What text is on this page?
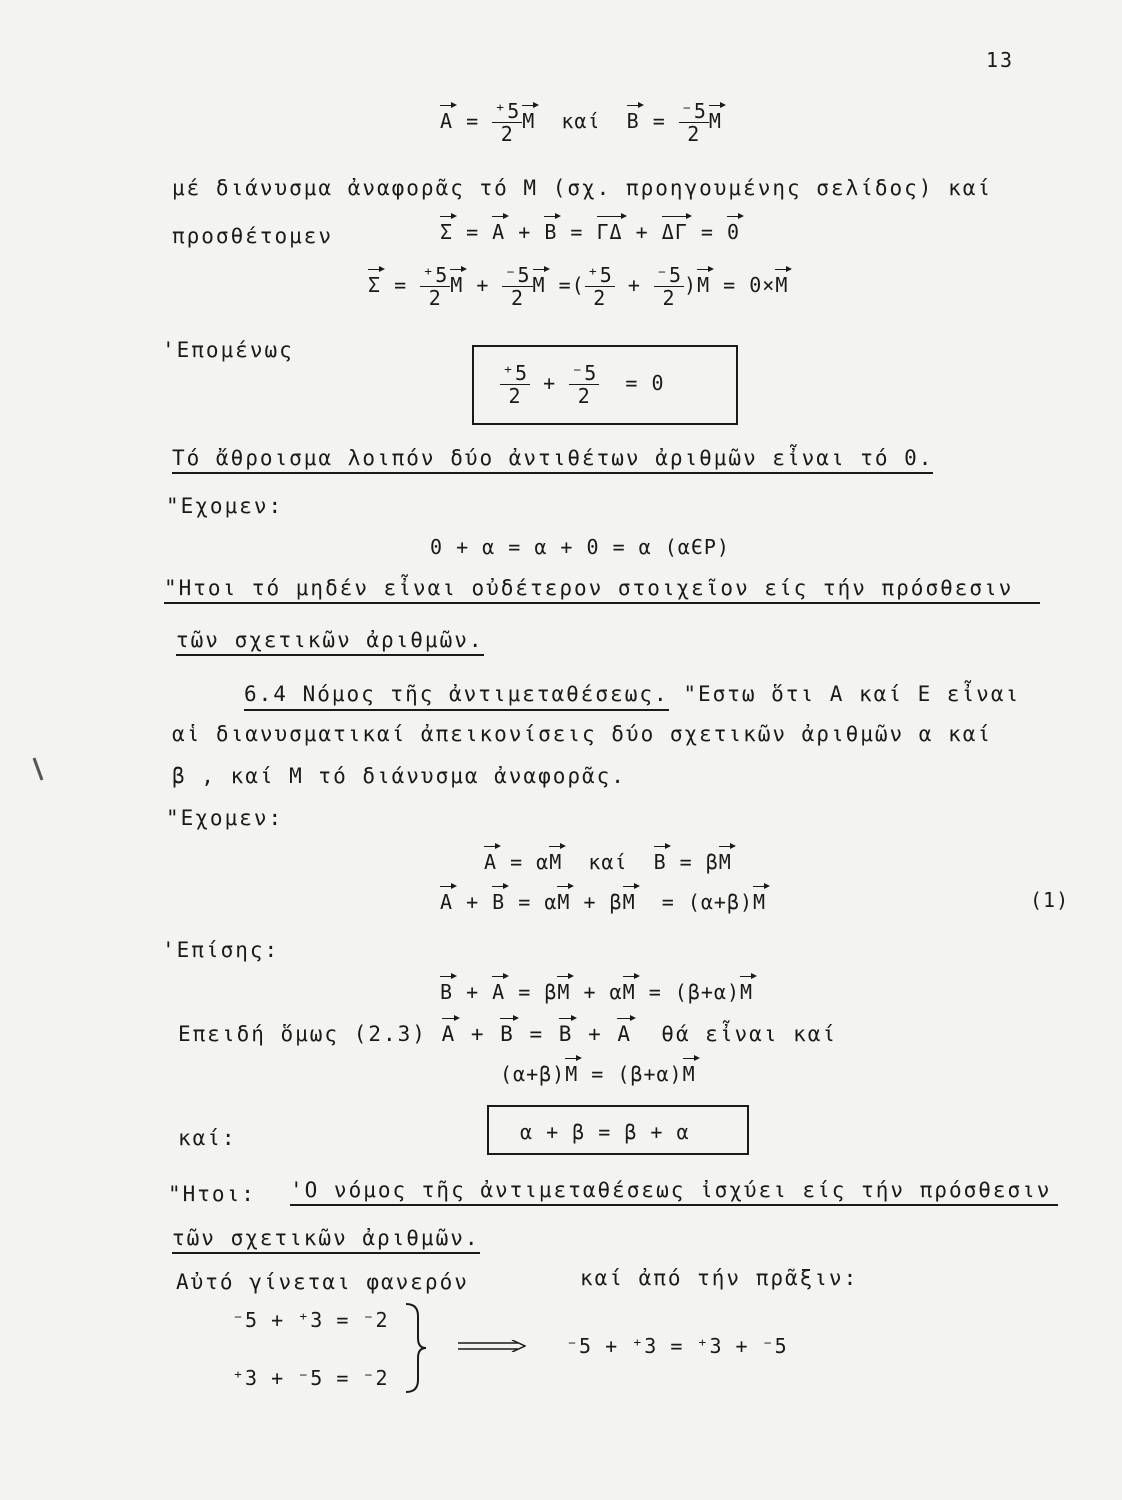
13
$A = \frac{^+5}{2}$ M  καί  $B = \frac{^-5}{2}$ M
μέ διάνυσμα ἀναφορᾶς τό M (σχ. προηγουμένης σελίδος) καί
προσθέτομεν	Σ = A + B = ΓΔ + ΔΓ = 0
$\Sigma = \frac{^+5}{2}$ $M + \frac{^-5}{2}$ M =( $\frac{^+5}{2} + \frac{^-5}{2} )M = 0\times M$
'Επομένως
$\frac{^+5}{2} + \frac{^-5}{2} = 0$
Τό ἄθροισμα λοιπόν δύο ἀντιθέτων ἀριθμῶν εἶναι τό 0.
"Εχομεν:
0 + α = α + 0 = α (αЄP)
"Ητοι τό μηδέν εἶναι οὐδέτερον στοιχεῖον είς τήν πρόσθεσιν
τῶν σχετικῶν ἀριθμῶν.
6.4 Νόμος τῆς ἀντιμεταθέσεως. "Εστω ὅτι A καί E εἶναι
αἱ διανυσματικαί ἀπεικονίσεις δύο σχετικῶν ἀριθμῶν α καί
β , καί M τό διάνυσμα ἀναφορᾶς.
"Εχομεν:
A = αM  καί  B = βM
A + B = αM + βM  = (α+β)M	(1)
'Επίσης:
B + A = βM + αM = (β+α)M
Επειδή ὅμως (2.3) A + B = B + A  θά εἶναι καί
(α+β)M = (β+α)M
καί:	α + β = β + α
"Ητοι: 'Ο νόμος τῆς ἀντιμεταθέσεως ἰσχύει είς τήν πρόσθεσιν
τῶν σχετικῶν ἀριθμῶν.
Αὐτό γίνεται φανερόν	καί ἀπό τήν πρᾶξιν:
⁻5 + ⁺3 = ⁻2
⁺3 + ⁻5 = ⁻2
⁻5 + ⁺3 = ⁺3 + ⁻5
